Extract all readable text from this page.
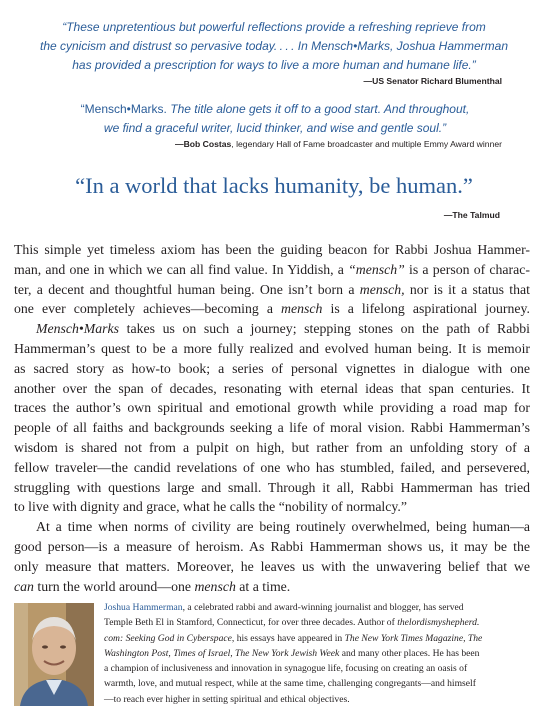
“These unpretentious but powerful reflections provide a refreshing reprieve from
the cynicism and distrust so pervasive today. . . . In Mensch•Marks, Joshua Hammerman
has provided a prescription for ways to live a more human and humane life.”
—US Senator Richard Blumenthal
“Mensch•Marks. The title alone gets it off to a good start. And throughout,
we find a graceful writer, lucid thinker, and wise and gentle soul.”
—Bob Costas, legendary Hall of Fame broadcaster and multiple Emmy Award winner
“In a world that lacks humanity, be human.”
—The Talmud

This simple yet timeless axiom has been the guiding beacon for Rabbi Joshua Hammer-
man, and one in which we can all find value. In Yiddish, a “mensch” is a person of charac-
ter, a decent and thoughtful human being. One isn’t born a mensch, nor is it a status that
one ever completely achieves—becoming a mensch is a lifelong aspirational journey.

Mensch•Marks takes us on such a journey; stepping stones on the path of Rabbi
Hammerman’s quest to be a more fully realized and evolved human being. It is memoir
as sacred story as how-to book; a series of personal vignettes in dialogue with one
another over the span of decades, resonating with eternal ideas that span centuries. It
traces the author’s own spiritual and emotional growth while providing a road map for
people of all faiths and backgrounds seeking a life of moral vision. Rabbi Hammerman’s
wisdom is shared not from a pulpit on high, but rather from an unfolding story of a
fellow traveler—the candid revelations of one who has stumbled, failed, and persevered,
struggling with questions large and small. Through it all, Rabbi Hammerman has tried
to live with dignity and grace, what he calls the “nobility of normalcy.”

At a time when norms of civility are being routinely overwhelmed, being human—a
good person—is a measure of heroism. As Rabbi Hammerman shows us, it may be the
only measure that matters. Moreover, he leaves us with the unwavering belief that we
can turn the world around—one mensch at a time.

Joshua Hammerman, a celebrated rabbi and award-winning journalist and blogger, has served
Temple Beth El in Stamford, Connecticut, for over three decades. Author of thelordismyshepherd.
com: Seeking God in Cyberspace, his essays have appeared in The New York Times Magazine, The
Washington Post, Times of Israel, The New York Jewish Week and many other places. He has been
a champion of inclusiveness and innovation in synagogue life, focusing on creating an oasis of
warmth, love, and mutual respect, while at the same time, challenging congregants—and himself
—to reach ever higher in setting spiritual and ethical objectives.
